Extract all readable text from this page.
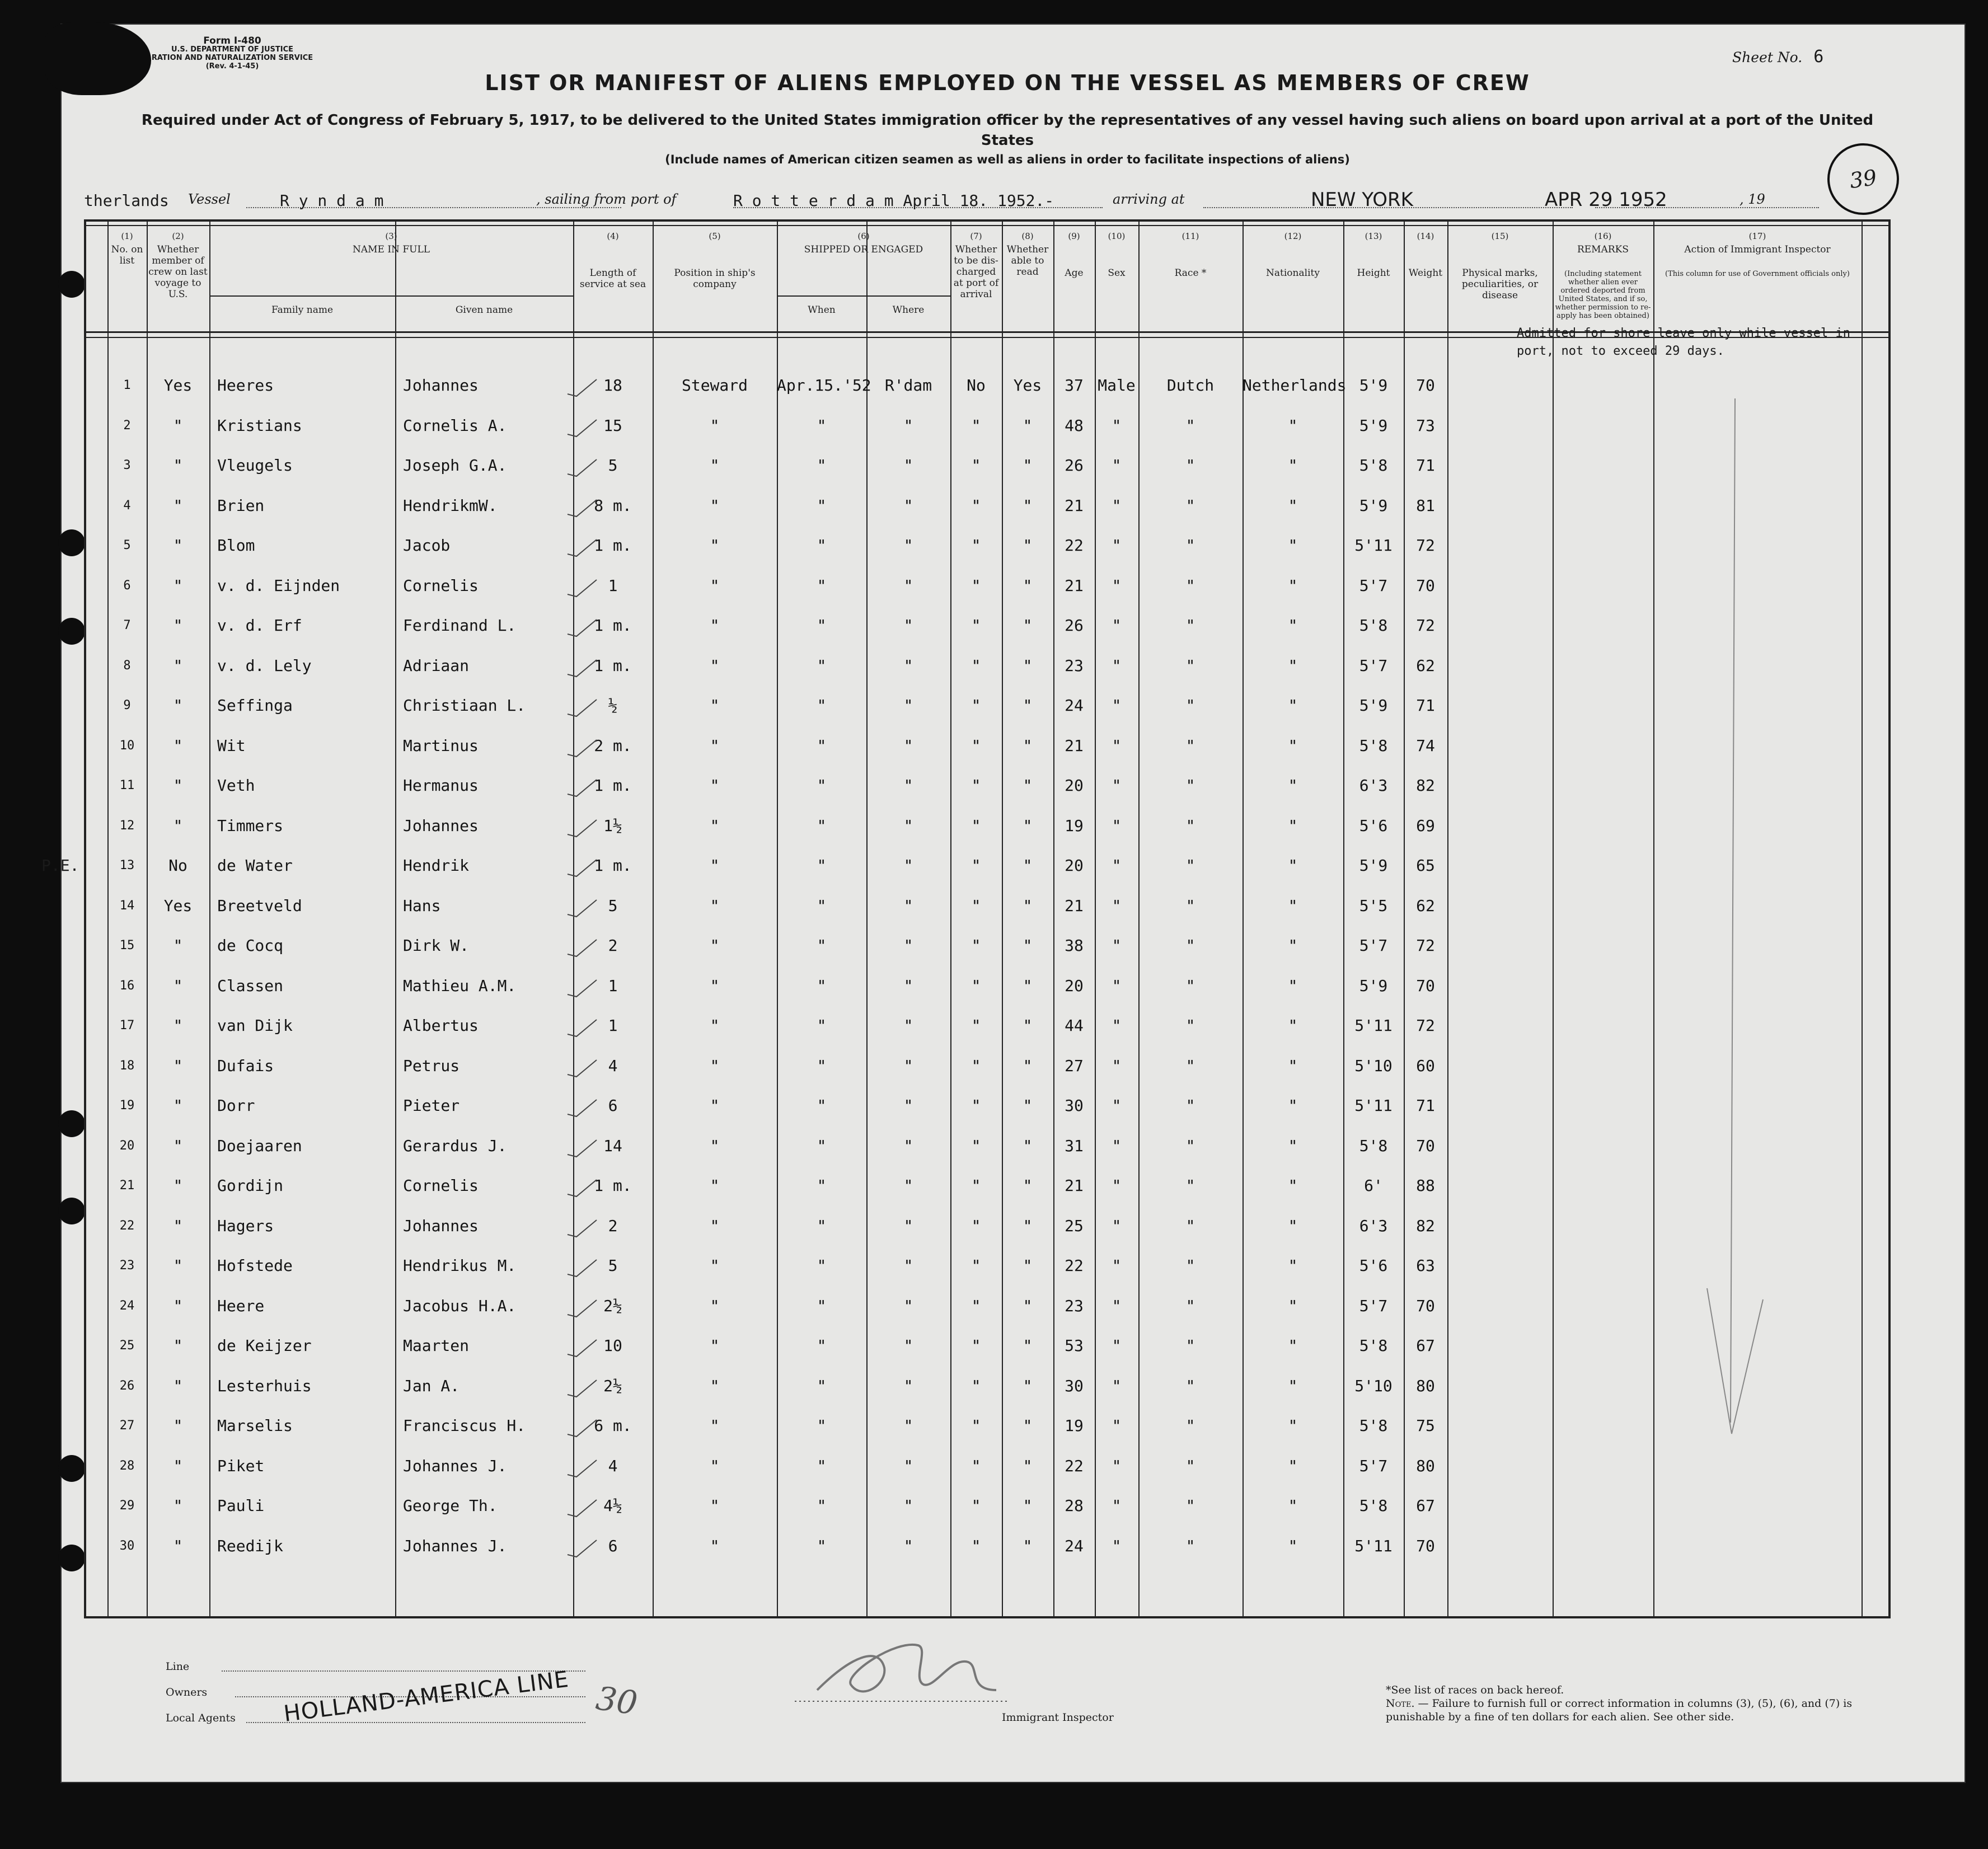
Form I-480
U.S. DEPARTMENT OF JUSTICE
RATION AND NATURALIZATION SERVICE
(Rev. 4-1-45)
Sheet No. 6
LIST OR MANIFEST OF ALIENS EMPLOYED ON THE VESSEL AS MEMBERS OF CREW
Required under Act of Congress of February 5, 1917, to be delivered to the United States immigration officer by the representatives of any vessel having such aliens on board upon arrival at a port of the United States
(Include names of American citizen seamen as well as aliens in order to facilitate inspections of aliens)
39
therlands Vessel	R y n d a m	, sailing from port of	R o t t e r d a m April 18. 1952.-	arriving at	NEW YORK	APR 29 1952	, 19
(1)
No. on list
(2)
Whether member of crew on last voyage to U.S.
(3)
NAME IN FULL
Family name	Given name
(4)
Length of service at sea
(5)
Position in ship's company
(6)
SHIPPED OR ENGAGED
When	Where
(7)
Whether to be dis-charged at port of arrival
(8)
Whether able to read
(9)
Age
(10)
Sex
(11)
Race *
(12)
Nationality
(13)
Height
(14)
Weight
(15)
Physical marks, peculiarities, or disease
(16)
REMARKS
(Including statement whether alien ever ordered deported from United States, and if so, whether permission to re-apply has been obtained)
(17)
Action of Immigrant Inspector
(This column for use of Government officials only)
1	Yes	Heeres	Johannes	18	Steward	Apr.15.'52 R'dam	No	Yes	37 Male	Dutch	Netherlands 5'9	70
2	"	Kristians	Cornelis A.	15	"	"	"	"	"	48	"	"	"	5'9	73
3	"	Vleugels	Joseph G.A.	5	"	"	"	"	"	26	"	"	"	5'8	71
4	"	Brien	HendrikmW.	8 m.	"	"	"	"	"	21	"	"	"	5'9	81
5	"	Blom	Jacob	1 m.	"	"	"	"	"	22	"	"	"	5'11	72
6	"	v. d. Eijnden	Cornelis	1	"	"	"	"	"	21	"	"	"	5'7	70
7	"	v. d. Erf	Ferdinand L.	1 m.	"	"	"	"	"	26	"	"	"	5'8	72
8	"	v. d. Lely	Adriaan	1 m.	"	"	"	"	"	23	"	"	"	5'7	62
9	"	Seffinga	Christiaan L.	½	"	"	"	"	"	24	"	"	"	5'9	71
10	"	Wit	Martinus	2 m.	"	"	"	"	"	21	"	"	"	5'8	74
11	"	Veth	Hermanus	1 m.	"	"	"	"	"	20	"	"	"	6'3	82
12	"	Timmers	Johannes	1½	"	"	"	"	"	19	"	"	"	5'6	69
13	No	de Water	Hendrik	1 m.	"	"	"	"	"	20	"	"	"	5'9	65
P.E.
14	Yes	Breetveld	Hans	5	"	"	"	"	"	21	"	"	"	5'5	62
15	"	de Cocq	Dirk W.	2	"	"	"	"	"	38	"	"	"	5'7	72
16	"	Classen	Mathieu A.M.	1	"	"	"	"	"	20	"	"	"	5'9	70
17	"	van Dijk	Albertus	1	"	"	"	"	"	44	"	"	"	5'11	72
18	"	Dufais	Petrus	4	"	"	"	"	"	27	"	"	"	5'10	60
19	"	Dorr	Pieter	6	"	"	"	"	"	30	"	"	"	5'11	71
20	"	Doejaaren	Gerardus J.	14	"	"	"	"	"	31	"	"	"	5'8	70
21	"	Gordijn	Cornelis	1 m.	"	"	"	"	"	21	"	"	"	6'	88
22	"	Hagers	Johannes	2	"	"	"	"	"	25	"	"	"	6'3	82
23	"	Hofstede	Hendrikus M.	5	"	"	"	"	"	22	"	"	"	5'6	63
24	"	Heere	Jacobus H.A.	2½	"	"	"	"	"	23	"	"	"	5'7	70
25	"	de Keijzer	Maarten	10	"	"	"	"	"	53	"	"	"	5'8	67
26	"	Lesterhuis	Jan A.	2½	"	"	"	"	"	30	"	"	"	5'10	80
27	"	Marselis	Franciscus H.	6 m.	"	"	"	"	"	19	"	"	"	5'8	75
28	"	Piket	Johannes J.	4	"	"	"	"	"	22	"	"	"	5'7	80
29	"	Pauli	George Th.	4½	"	"	"	"	"	28	"	"	"	5'8	67
30	"	Reedijk	Johannes J.	6	"	"	"	"	"	24	"	"	"	5'11	70
Admitted for shore leave only while vessel in port, not to exceed 29 days.
Line
Owners
Local Agents HOLLAND-AMERICA LINE 30	Immigrant Inspector
*See list of races on back hereof.
Note. — Failure to furnish full or correct information in columns (3), (5), (6), and (7) is punishable by a fine of ten dollars for each alien. See other side.
